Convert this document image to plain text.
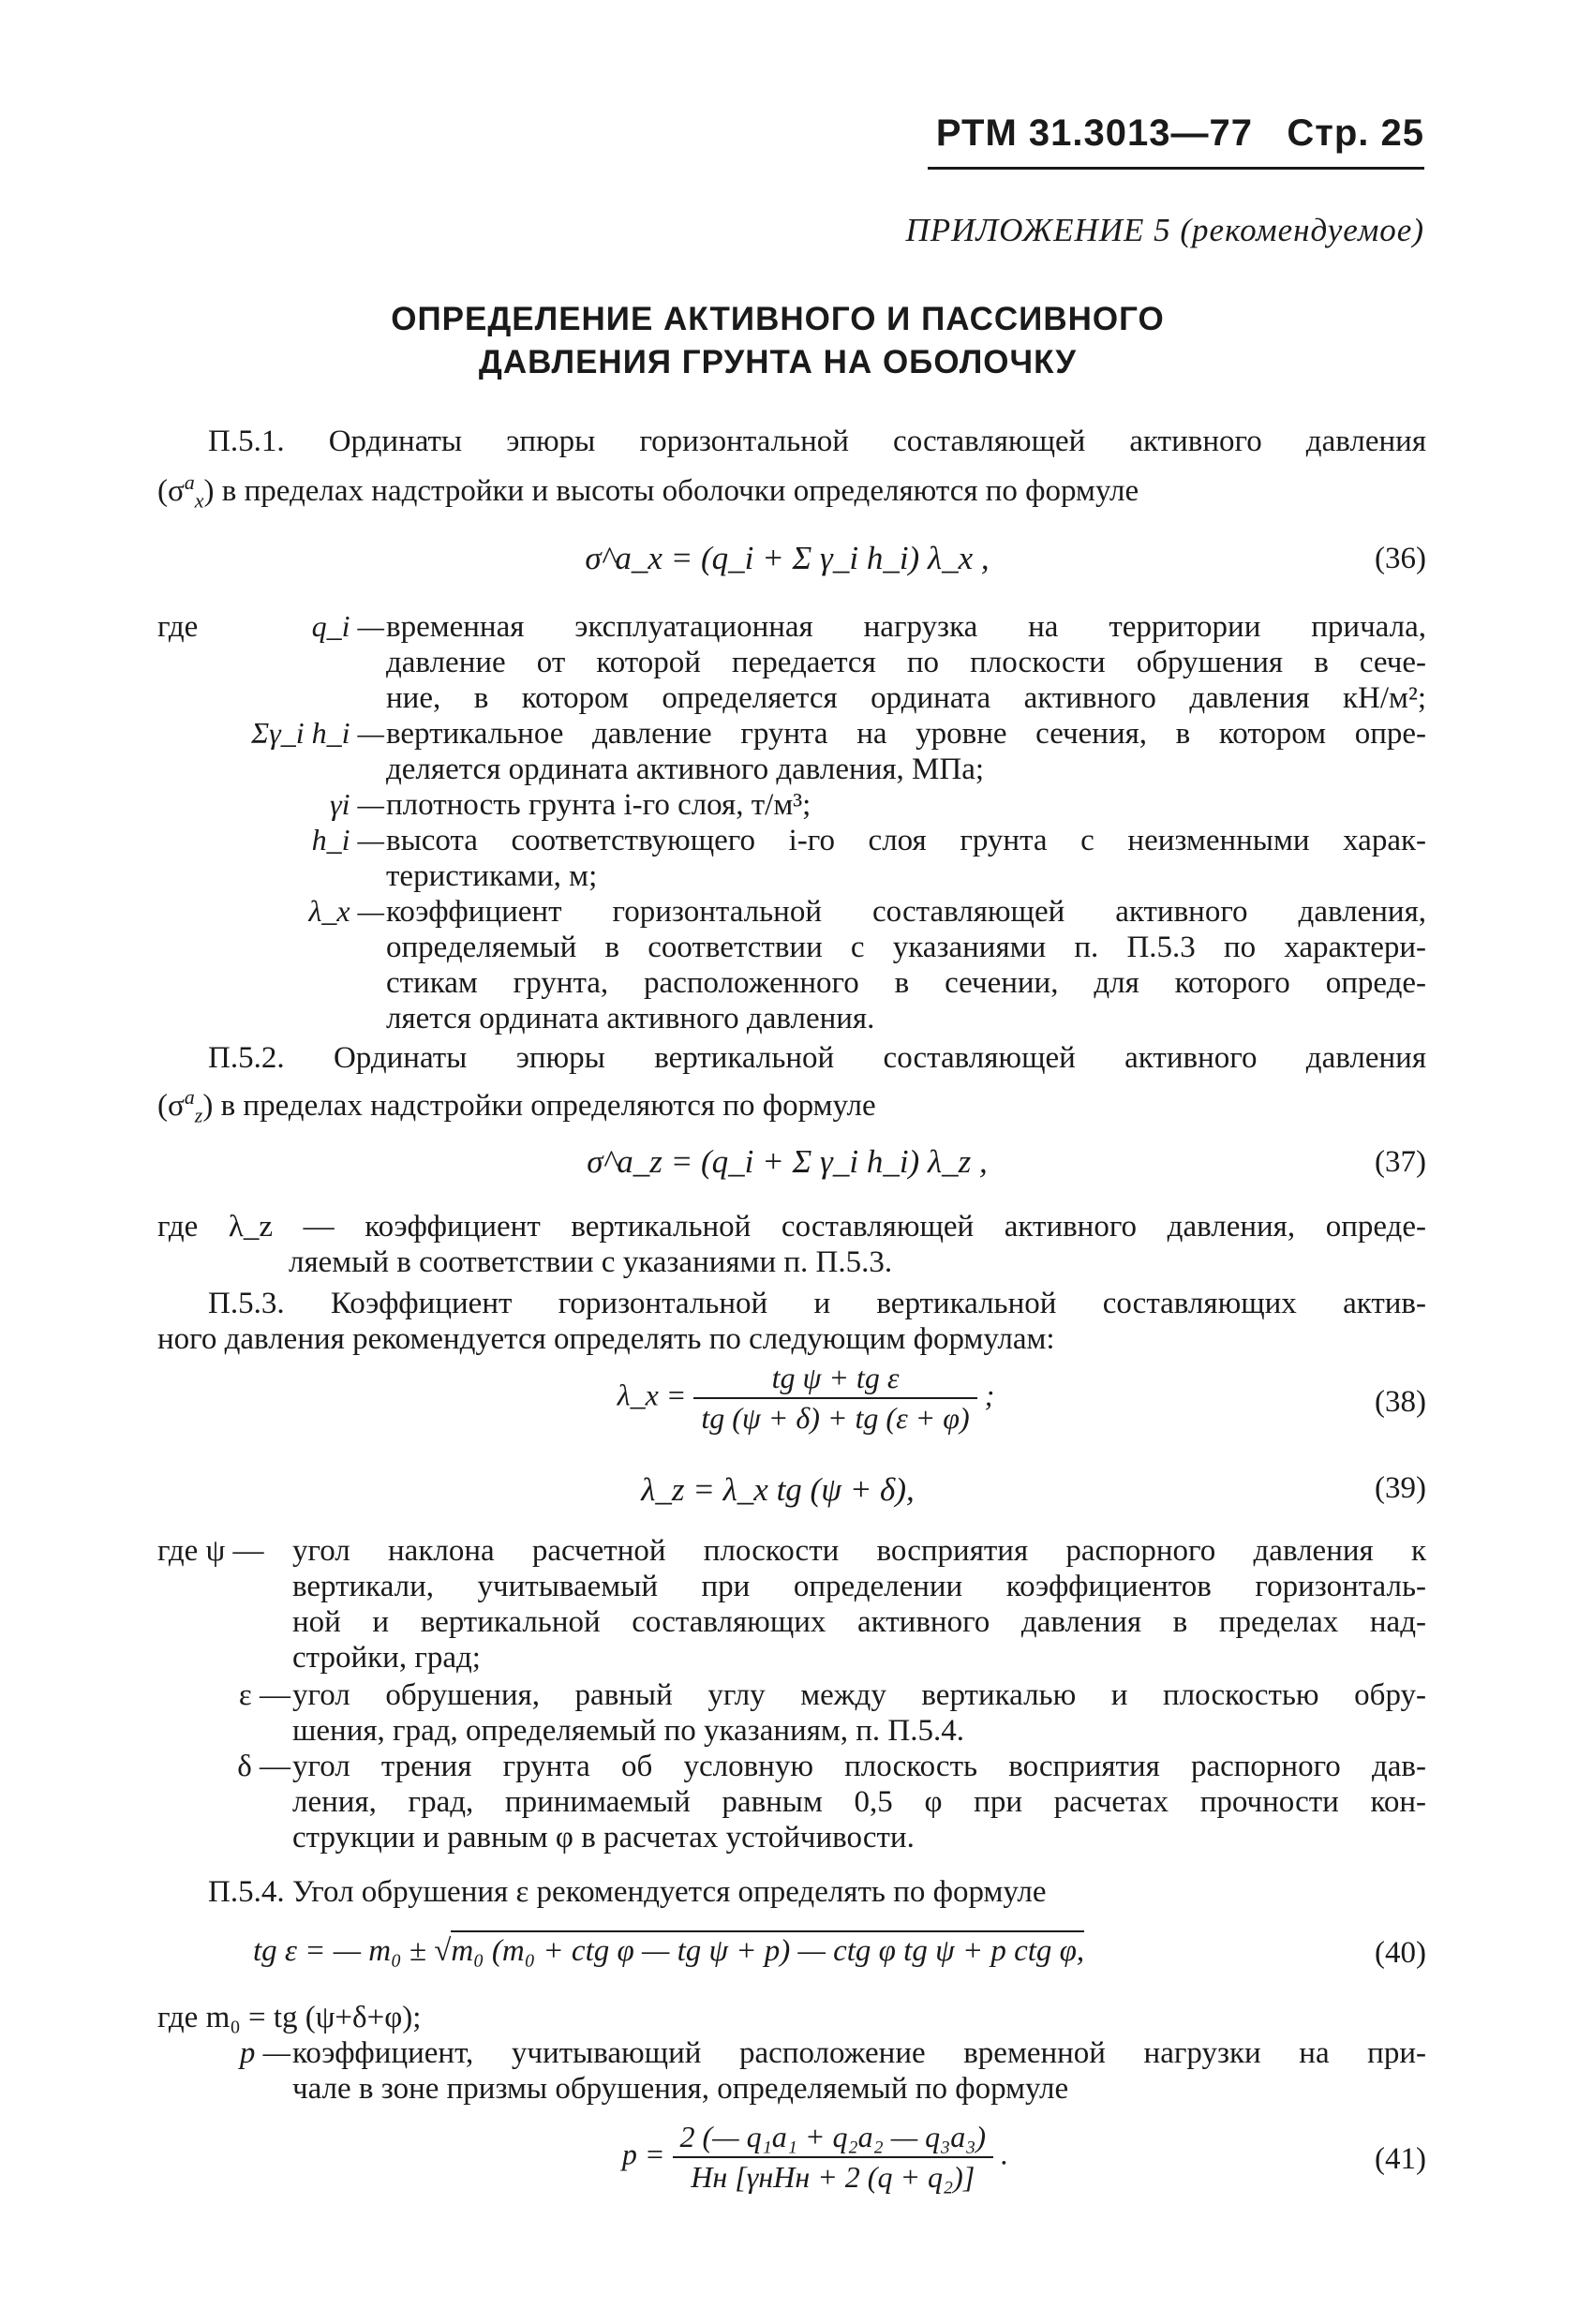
РТМ 31.3013—77 Стр. 25
ПРИЛОЖЕНИЕ 5 (рекомендуемое)
ОПРЕДЕЛЕНИЕ АКТИВНОГО И ПАССИВНОГО
ДАВЛЕНИЯ ГРУНТА НА ОБОЛОЧКУ
П.5.1. Ординаты эпюры горизонтальной составляющей активного давления
$(\sigma^a_x)$ в пределах надстройки и высоты оболочки определяются по формуле
σ^a_x = (q_i + Σ γ_i h_i) λ_x ,	(36)
где	q_i — временная эксплуатационная нагрузка на территории причала,
давление от которой передается по плоскости обрушения в сече-
ние, в котором определяется ордината активного давления кН/м²;
Σγ_i h_i — вертикальное давление грунта на уровне сечения, в котором опре-
деляется ордината активного давления, МПа;
γi — плотность грунта i-го слоя, т/м³;
h_i — высота соответствующего i-го слоя грунта с неизменными харак-
теристиками, м;
λ_x — коэффициент горизонтальной составляющей активного давления,
определяемый в соответствии с указаниями п. П.5.3 по характери-
стикам грунта, расположенного в сечении, для которого опреде-
ляется ордината активного давления.
П.5.2. Ординаты эпюры вертикальной составляющей активного давления
$(\sigma^a_z)$ в пределах надстройки определяются по формуле
σ^a_z = (q_i + Σ γ_i h_i) λ_z ,	(37)
где λ_z — коэффициент вертикальной составляющей активного давления, опреде-
ляемый в соответствии с указаниями п. П.5.3.
П.5.3. Коэффициент горизонтальной и вертикальной составляющих актив-
ного давления рекомендуется определять по следующим формулам:
λ_x = $\frac{\text{tg ψ + tg ε}}{tg (\psi + \delta) + tg (\varepsilon + \varphi)}$ ;	(38)
λ_z = λ_x tg (ψ + δ),	(39)
где ψ — угол наклона расчетной плоскости восприятия распорного давления к
вертикали, учитываемый при определении коэффициентов горизонталь-
ной и вертикальной составляющих активного давления в пределах над-
стройки, град;
ε — угол обрушения, равный углу между вертикалью и плоскостью обру-
шения, град, определяемый по указаниям, п. П.5.4.
δ — угол трения грунта об условную плоскость восприятия распорного дав-
ления, град, принимаемый равным 0,5 φ при расчетах прочности кон-
струкции и равным φ в расчетах устойчивости.
П.5.4. Угол обрушения ε рекомендуется определять по формуле
tg ε = — m₀ ± √m₀ (m₀ + ctg φ — tg ψ + p) — ctg φ tg ψ + p ctg φ,	(40)
где m₀ = tg (ψ+δ+φ);
p — коэффициент, учитывающий расположение временной нагрузки на при-
чале в зоне призмы обрушения, определяемый по формуле
$p = \frac{\text{2 (— q₁a₁ + q₂a₂ — q₃a₃)}}{\text{Hн [γнHн + 2 (q + q₂)]}}$ .	(41)
